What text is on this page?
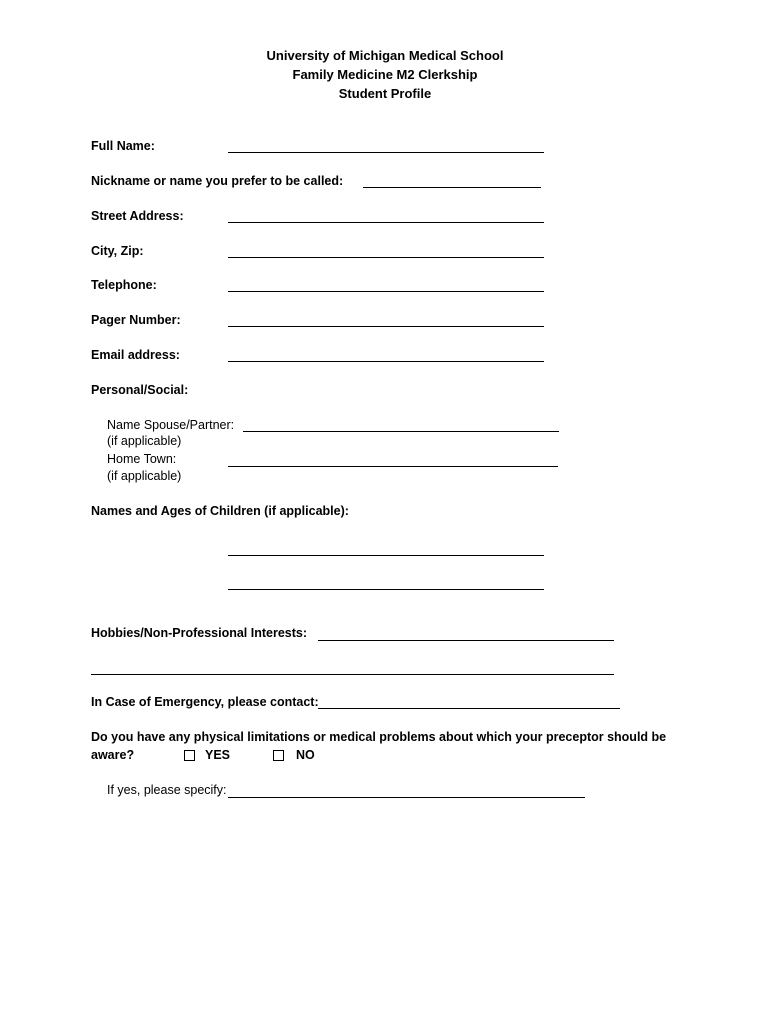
University of Michigan Medical School
Family Medicine M2 Clerkship
Student Profile
Full Name:
Nickname or name you prefer to be called:
Street Address:
City, Zip:
Telephone:
Pager Number:
Email address:
Personal/Social:
Name Spouse/Partner:
(if applicable)
Home Town:
(if applicable)
Names and Ages of Children (if applicable):
Hobbies/Non-Professional Interests:
In Case of Emergency, please contact:
Do you have any physical limitations or medical problems about which your preceptor should be
aware?	YES	NO
If yes, please specify:
